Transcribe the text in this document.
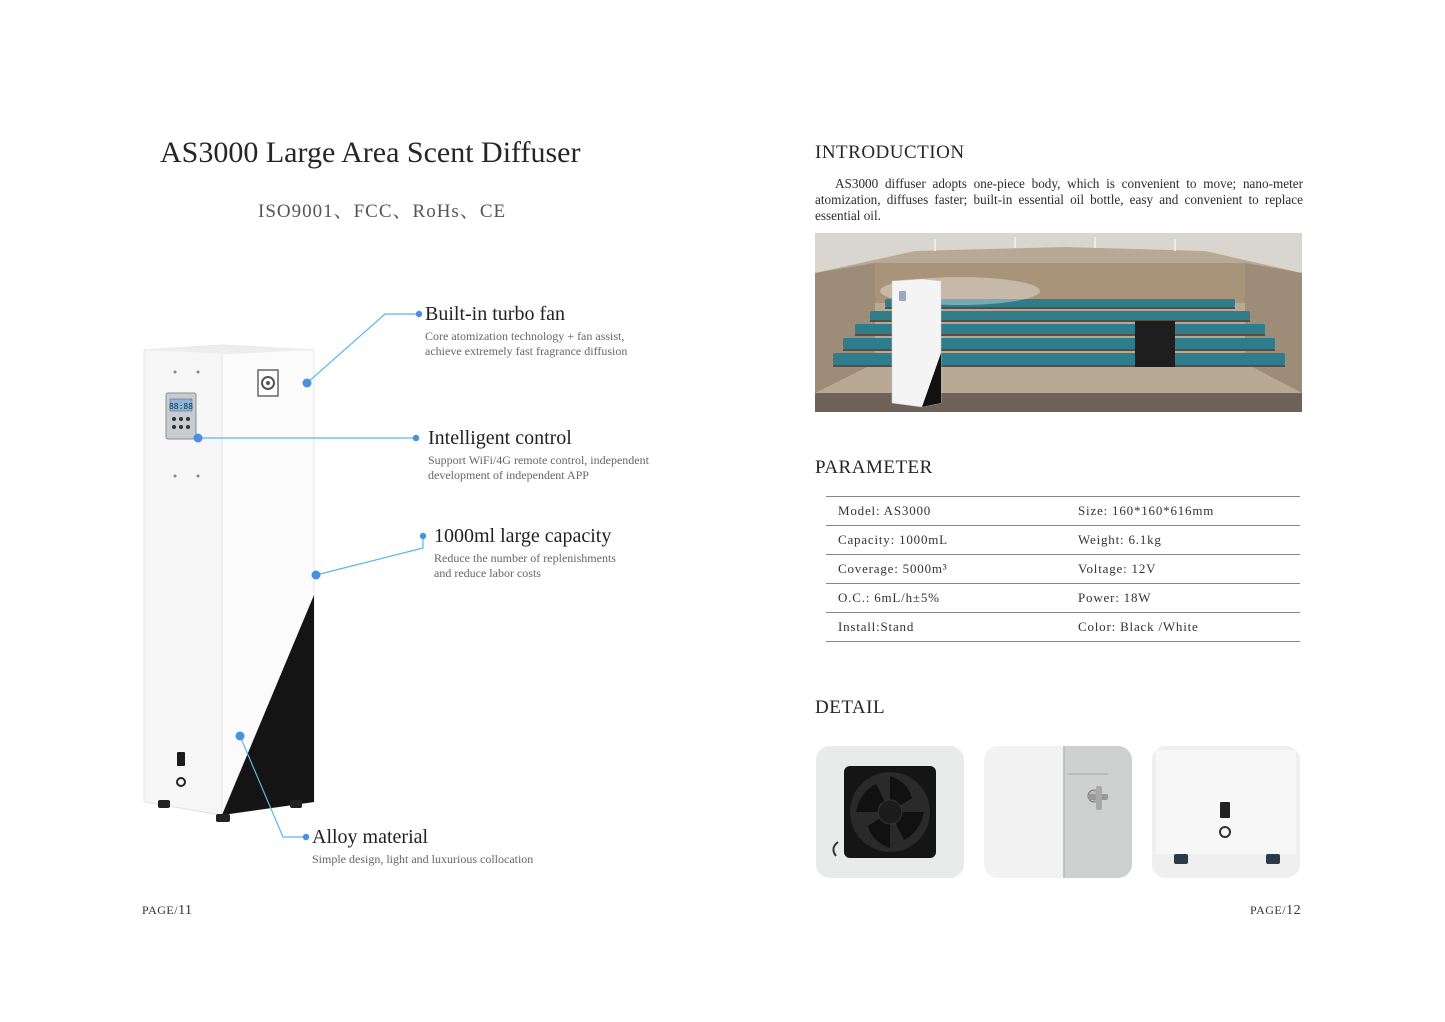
AS3000 Large Area Scent Diffuser
ISO9001、FCC、RoHs、CE
88:88
Built-in turbo fan
Core atomization technology + fan assist,
achieve extremely fast fragrance diffusion
Intelligent control
Support WiFi/4G remote control, independent
development of independent APP
1000ml large capacity
Reduce the number of replenishments
and reduce labor costs
Alloy material
Simple design, light and luxurious collocation
PAGE/11
INTRODUCTION
AS3000 diffuser adopts one-piece body, which is convenient to move; nano-meter atomization, diffuses faster; built-in essential oil bottle, easy and convenient to replace essential oil.
PARAMETER
Model: AS3000	Size: 160*160*616mm
Capacity: 1000mL	Weight: 6.1kg
Coverage: 5000m³	Voltage: 12V
O.C.: 6mL/h±5%	Power: 18W
Install:Stand	Color: Black /White
DETAIL
PAGE/12
